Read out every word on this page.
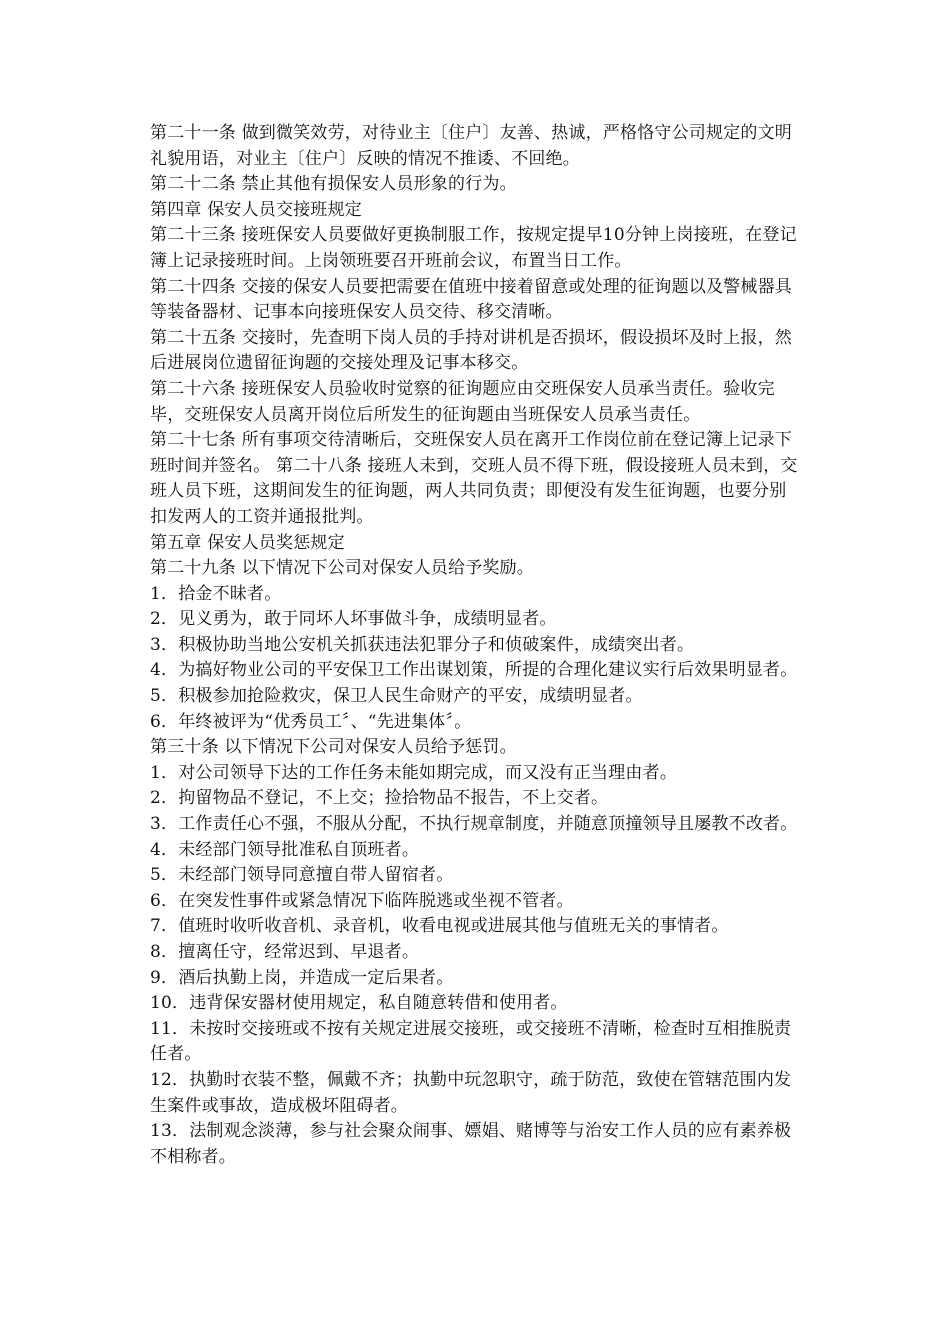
第二十一条 做到微笑效劳，对待业主〔住户〕友善、热诚，严格恪守公司规定的文明礼貌用语，对业主〔住户〕反映的情况不推诿、不回绝。

第二十二条 禁止其他有损保安人员形象的行为。

第四章 保安人员交接班规定

第二十三条 接班保安人员要做好更换制服工作，按规定提早10分钟上岗接班，在登记簿上记录接班时间。上岗领班要召开班前会议，布置当日工作。

第二十四条 交接的保安人员要把需要在值班中接着留意或处理的征询题以及警械器具等装备器材、记事本向接班保安人员交待、移交清晰。

第二十五条 交接时，先查明下岗人员的手持对讲机是否损坏，假设损坏及时上报，然后进展岗位遗留征询题的交接处理及记事本移交。

第二十六条 接班保安人员验收时觉察的征询题应由交班保安人员承当责任。验收完毕，交班保安人员离开岗位后所发生的征询题由当班保安人员承当责任。

第二十七条 所有事项交待清晰后，交班保安人员在离开工作岗位前在登记簿上记录下班时间并签名。 第二十八条 接班人未到，交班人员不得下班，假设接班人员未到，交班人员下班，这期间发生的征询题，两人共同负责；即便没有发生征询题，也要分别扣发两人的工资并通报批判。

第五章 保安人员奖惩规定

第二十九条 以下情况下公司对保安人员给予奖励。

1．拾金不昧者。

2．见义勇为，敢于同坏人坏事做斗争，成绩明显者。

3．积极协助当地公安机关抓获违法犯罪分子和侦破案件，成绩突出者。

4．为搞好物业公司的平安保卫工作出谋划策，所提的合理化建议实行后效果明显者。

5．积极参加抢险救灾，保卫人民生命财产的平安，成绩明显者。

6．年终被评为“优秀员工〞、“先进集体〞。

第三十条 以下情况下公司对保安人员给予惩罚。

1．对公司领导下达的工作任务未能如期完成，而又没有正当理由者。

2．拘留物品不登记，不上交；捡拾物品不报告，不上交者。

3．工作责任心不强，不服从分配，不执行规章制度，并随意顶撞领导且屡教不改者。

4．未经部门领导批准私自顶班者。

5．未经部门领导同意擅自带人留宿者。

6．在突发性事件或紧急情况下临阵脱逃或坐视不管者。

7．值班时收听收音机、录音机，收看电视或进展其他与值班无关的事情者。

8．擅离任守，经常迟到、早退者。

9．酒后执勤上岗，并造成一定后果者。

10．违背保安器材使用规定，私自随意转借和使用者。

11．未按时交接班或不按有关规定进展交接班，或交接班不清晰，检查时互相推脱责任者。

12．执勤时衣装不整，佩戴不齐；执勤中玩忽职守，疏于防范，致使在管辖范围内发生案件或事故，造成极坏阻碍者。

13．法制观念淡薄，参与社会聚众闹事、嫖娼、赌博等与治安工作人员的应有素养极不相称者。
